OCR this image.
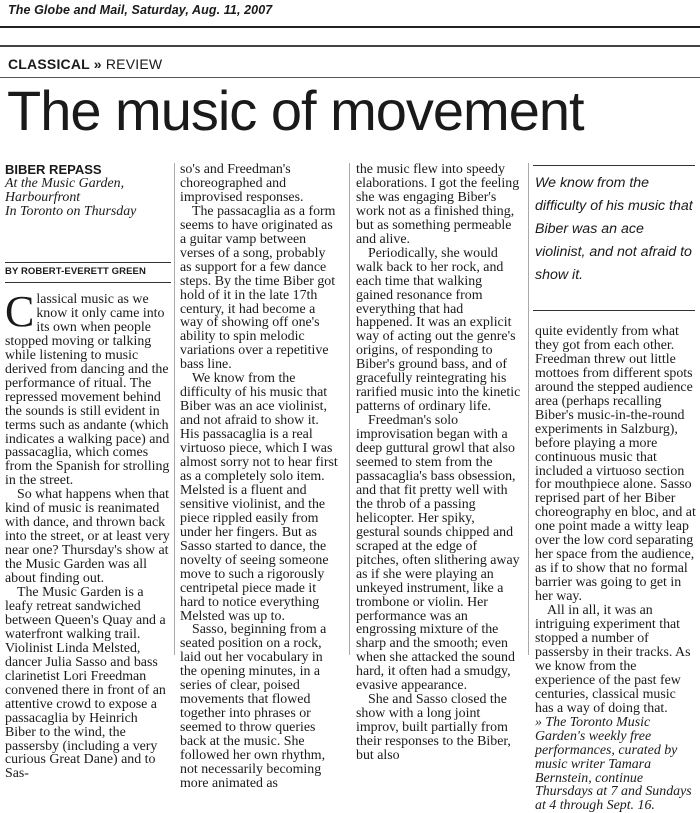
The Globe and Mail, Saturday, Aug. 11, 2007
CLASSICAL » REVIEW
The music of movement
BIBER REPASS
At the Music Garden,
Harbourfront
In Toronto on Thursday
BY ROBERT-EVERETT GREEN

Classical music as we know it only came into its own when people stopped moving or talking while listening to music derived from dancing and the performance of ritual. The repressed movement behind the sounds is still evident in terms such as andante (which indicates a walking pace) and passacaglia, which comes from the Spanish for strolling in the street.

So what happens when that kind of music is reanimated with dance, and thrown back into the street, or at least very near one? Thursday's show at the Music Garden was all about finding out.

The Music Garden is a leafy retreat sandwiched between Queen's Quay and a waterfront walking trail. Violinist Linda Melsted, dancer Julia Sasso and bass clarinetist Lori Freedman convened there in front of an attentive crowd to expose a passacaglia by Heinrich Biber to the wind, the passersby (including a very curious Great Dane) and to Sas-

so's and Freedman's choreographed and improvised responses.

The passacaglia as a form seems to have originated as a guitar vamp between verses of a song, probably as support for a few dance steps. By the time Biber got hold of it in the late 17th century, it had become a way of showing off one's ability to spin melodic variations over a repetitive bass line.

We know from the difficulty of his music that Biber was an ace violinist, and not afraid to show it. His passacaglia is a real virtuoso piece, which I was almost sorry not to hear first as a completely solo item. Melsted is a fluent and sensitive violinist, and the piece rippled easily from under her fingers. But as Sasso started to dance, the novelty of seeing someone move to such a rigorously centripetal piece made it hard to notice everything Melsted was up to.

Sasso, beginning from a seated position on a rock, laid out her vocabulary in the opening minutes, in a series of clear, poised movements that flowed together into phrases or seemed to throw queries back at the music. She followed her own rhythm, not necessarily becoming more animated as

the music flew into speedy elaborations. I got the feeling she was engaging Biber's work not as a finished thing, but as something permeable and alive.

Periodically, she would walk back to her rock, and each time that walking gained resonance from everything that had happened. It was an explicit way of acting out the genre's origins, of responding to Biber's ground bass, and of gracefully reintegrating his rarified music into the kinetic patterns of ordinary life.

Freedman's solo improvisation began with a deep guttural growl that also seemed to stem from the passacaglia's bass obsession, and that fit pretty well with the throb of a passing helicopter. Her spiky, gestural sounds chipped and scraped at the edge of pitches, often slithering away as if she were playing an unkeyed instrument, like a trombone or violin. Her performance was an engrossing mixture of the sharp and the smooth; even when she attacked the sound hard, it often had a smudgy, evasive appearance.

She and Sasso closed the show with a long joint improv, built partially from their responses to the Biber, but also

We know from the difficulty of his music that Biber was an ace violinist, and not afraid to show it.

quite evidently from what they got from each other. Freedman threw out little mottoes from different spots around the stepped audience area (perhaps recalling Biber's music-in-the-round experiments in Salzburg), before playing a more continuous music that included a virtuoso section for mouthpiece alone. Sasso reprised part of her Biber choreography en bloc, and at one point made a witty leap over the low cord separating her space from the audience, as if to show that no formal barrier was going to get in her way.

All in all, it was an intriguing experiment that stopped a number of passersby in their tracks. As we know from the experience of the past few centuries, classical music has a way of doing that.

» The Toronto Music Garden's weekly free performances, curated by music writer Tamara Bernstein, continue Thursdays at 7 and Sundays at 4 through Sept. 16.
